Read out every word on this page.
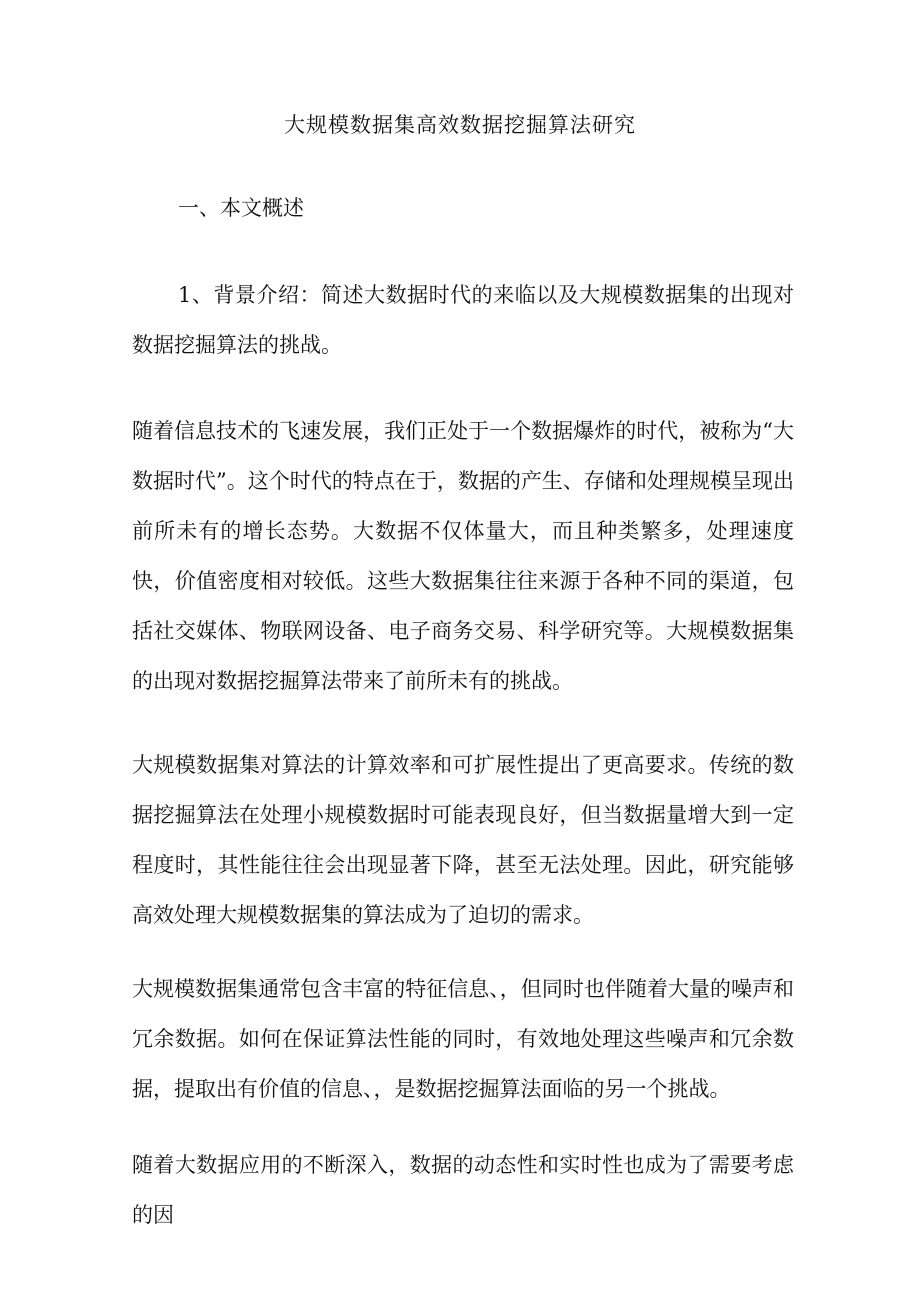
大规模数据集高效数据挖掘算法研究
一、本文概述

1、背景介绍：简述大数据时代的来临以及大规模数据集的出现对数据挖掘算法的挑战。

随着信息技术的飞速发展，我们正处于一个数据爆炸的时代，被称为“大数据时代”。这个时代的特点在于，数据的产生、存储和处理规模呈现出前所未有的增长态势。大数据不仅体量大，而且种类繁多，处理速度快，价值密度相对较低。这些大数据集往往来源于各种不同的渠道，包括社交媒体、物联网设备、电子商务交易、科学研究等。大规模数据集的出现对数据挖掘算法带来了前所未有的挑战。

大规模数据集对算法的计算效率和可扩展性提出了更高要求。传统的数据挖掘算法在处理小规模数据时可能表现良好，但当数据量增大到一定程度时，其性能往往会出现显著下降，甚至无法处理。因此，研究能够高效处理大规模数据集的算法成为了迫切的需求。

大规模数据集通常包含丰富的特征信息、，但同时也伴随着大量的噪声和冗余数据。如何在保证算法性能的同时，有效地处理这些噪声和冗余数据，提取出有价值的信息、，是数据挖掘算法面临的另一个挑战。

随着大数据应用的不断深入，数据的动态性和实时性也成为了需要考虑的因
